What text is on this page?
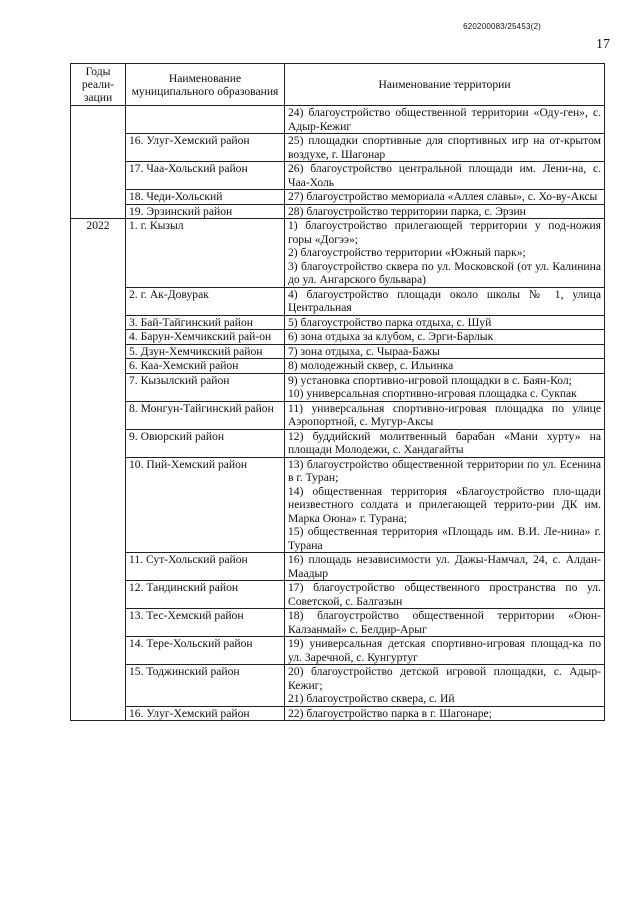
620200083/25453(2)
17
Годы реали-зации	Наименование муниципального образования	Наименование территории

		24) благоустройство общественной территории «Оду-ген», с. Адыр-Кежиг

	16. Улуг-Хемский район	25) площадки спортивные для спортивных игр на от-крытом воздухе, г. Шагонар

	17. Чаа-Хольский район	26) благоустройство центральной площади им. Лени-на, с. Чаа-Холь

	18. Чеди-Хольский	27) благоустройство мемориала «Аллея славы», с. Хо-ву-Аксы

	19. Эрзинский район	28) благоустройство территории парка, с. Эрзин

2022	1. г. Кызыл	1) благоустройство прилегающей территории у под-ножия горы «Догээ»;
2) благоустройство территории «Южный парк»;
3) благоустройство сквера по ул. Московской (от ул. Калинина до ул. Ангарского бульвара)

	2. г. Ак-Довурак	4) благоустройство площади около школы № 1, улица Центральная

	3. Бай-Тайгинский район	5) благоустройство парка отдыха, с. Шуй

	4. Барун-Хемчикский рай-он	6) зона отдыха за клубом, с. Эрги-Барлык

	5. Дзун-Хемчикский район	7) зона отдыха, с. Чыраа-Бажы

	6. Каа-Хемский район	8) молодежный сквер, с. Ильинка

	7. Кызылский район	9) установка спортивно-игровой площадки в с. Баян-Кол;
10) универсальная спортивно-игровая площадка с. Сукпак

	8. Монгун-Тайгинский район	11) универсальная спортивно-игровая площадка по улице Аэропортной, с. Мугур-Аксы

	9. Овюрский район	12) буддийский молитвенный барабан «Мани хурту» на площади Молодежи, с. Хандагайты

	10. Пий-Хемский район	13) благоустройство общественной территории по ул. Есенина в г. Туран;
14) общественная территория «Благоустройство пло-щади неизвестного солдата и прилегающей террито-рии ДК им. Марка Оюна» г. Турана;
15) общественная территория «Площадь им. В.И. Ле-нина» г. Турана

	11. Сут-Хольский район	16) площадь независимости ул. Дажы-Намчал, 24, с. Алдан-Маадыр

	12. Тандинский район	17) благоустройство общественного пространства по ул. Советской, с. Балгазын

	13. Тес-Хемский район	18) благоустройство общественной территории «Оюн-Калзанмай» с. Белдир-Арыг

	14. Тере-Хольский район	19) универсальная детская спортивно-игровая площад-ка по ул. Заречной, с. Кунгуртуг

	15. Тоджинский район	20) благоустройство детской игровой площадки, с. Адыр-Кежиг;
21) благоустройство сквера, с. Ий

	16. Улуг-Хемский район	22) благоустройство парка в г. Шагонаре;
